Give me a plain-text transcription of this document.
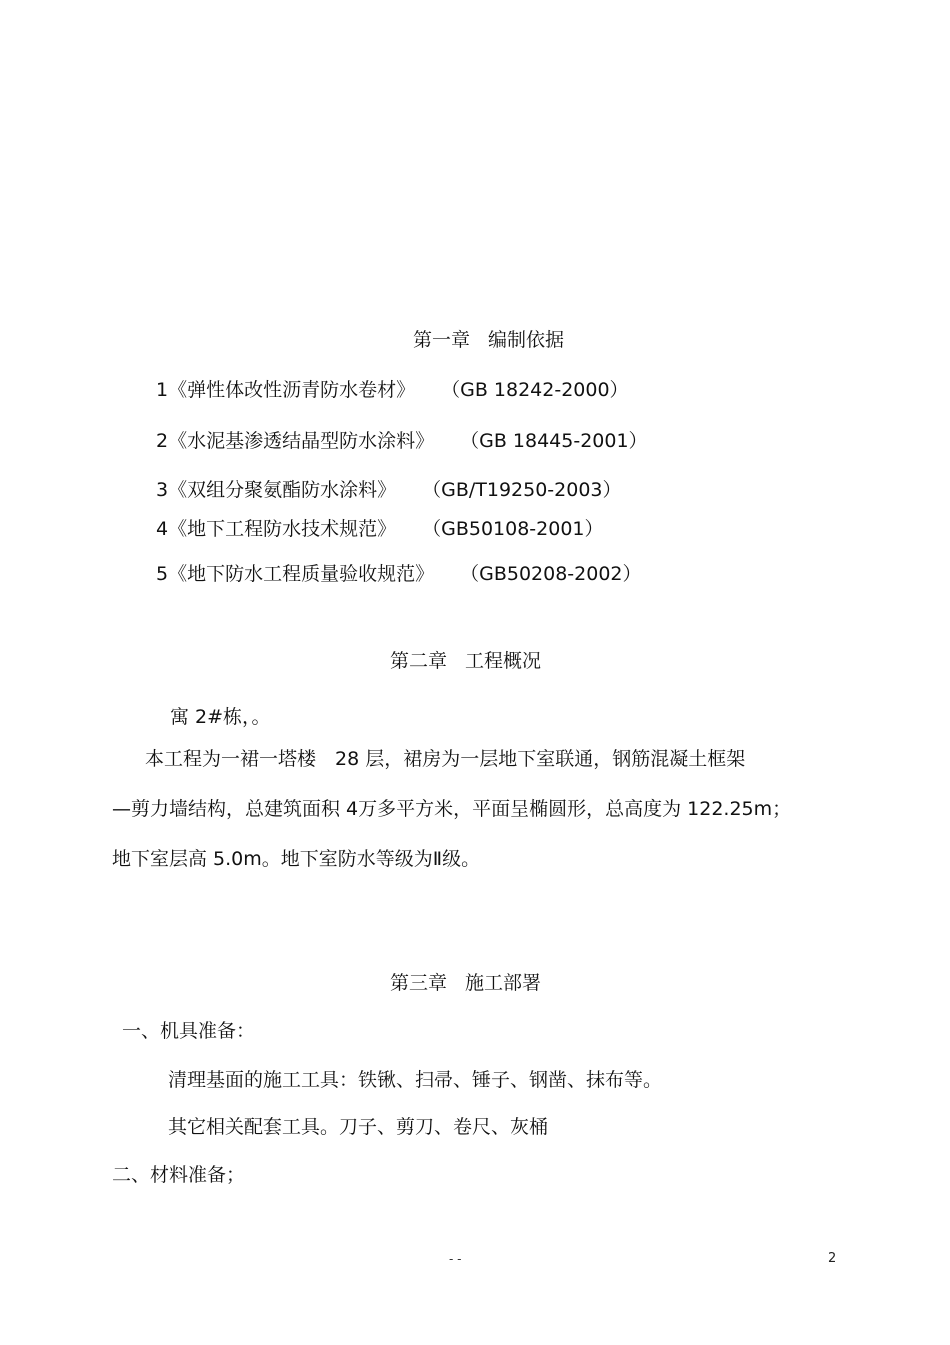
第一章 编制依据
1《弹性体改性沥青防水卷材》 （GB 18242-2000）
2《水泥基渗透结晶型防水涂料》 （GB 18445-2001）
3《双组分聚氨酯防水涂料》 （GB/T19250-2003）
4《地下工程防水技术规范》 （GB50108-2001）
5《地下防水工程质量验收规范》 （GB50208-2002）
第二章 工程概况
寓 2#栋，。
本工程为一裙一塔楼　28 层，裙房为一层地下室联通，钢筋混凝土框架
—剪力墙结构，总建筑面积 4万多平方米，平面呈椭圆形，总高度为 122.25m；
地下室层高 5.0m。地下室防水等级为Ⅱ级。
第三章 施工部署
一、机具准备：
清理基面的施工工具：铁锹、扫帚、锤子、钢凿、抹布等。
其它相关配套工具。刀子、剪刀、卷尺、灰桶
二、材料准备；
- -	2
